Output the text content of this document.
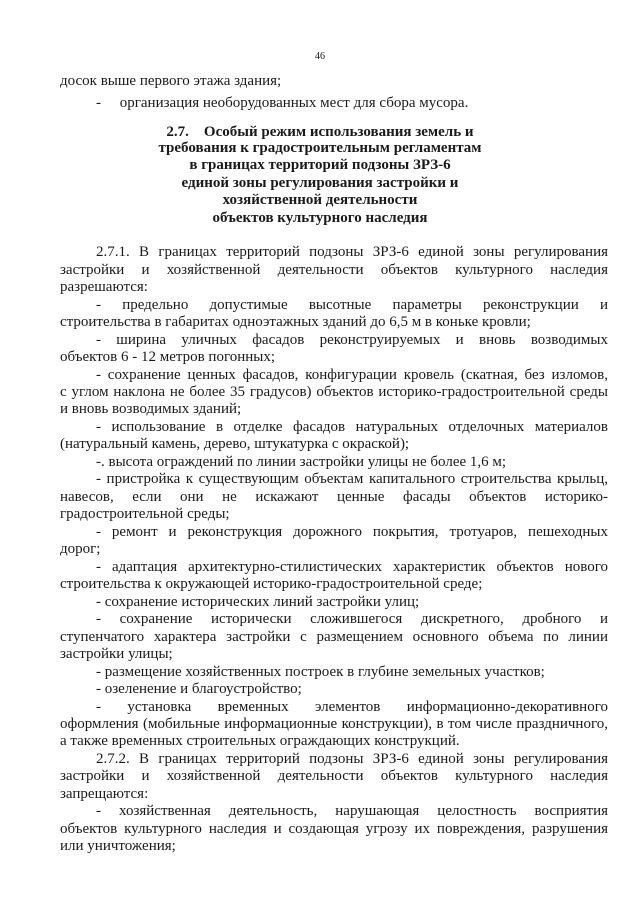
46
досок выше первого этажа здания;
-     организация необорудованных мест для сбора мусора.
2.7.    Особый режим использования земель и
требования к градостроительным регламентам
в границах территорий подзоны ЗРЗ-6
единой зоны регулирования застройки и
хозяйственной деятельности
объектов культурного наследия
2.7.1. В границах территорий подзоны ЗРЗ-6 единой зоны регулирования
застройки и хозяйственной деятельности объектов культурного наследия
разрешаются:
- предельно допустимые высотные параметры реконструкции и
строительства в габаритах одноэтажных зданий до 6,5 м в коньке кровли;
- ширина уличных фасадов реконструируемых и вновь возводимых
объектов 6 - 12 метров погонных;
- сохранение ценных фасадов, конфигурации кровель (скатная, без изломов,
с углом наклона не более 35 градусов) объектов историко-градостроительной среды
и вновь возводимых зданий;
- использование в отделке фасадов натуральных отделочных материалов
(натуральный камень, дерево, штукатурка с окраской);
-. высота ограждений по линии застройки улицы не более 1,6 м;
- пристройка к существующим объектам капитального строительства крыльц,
навесов, если они не искажают ценные фасады объектов историко-
градостроительной среды;
- ремонт и реконструкция дорожного покрытия, тротуаров, пешеходных
дорог;
- адаптация архитектурно-стилистических характеристик объектов нового
строительства к окружающей историко-градостроительной среде;
- сохранение исторических линий застройки улиц;
- сохранение исторически сложившегося дискретного, дробного и
ступенчатого характера застройки с размещением основного объема по линии
застройки улицы;
- размещение хозяйственных построек в глубине земельных участков;
- озеленение и благоустройство;
- установка временных элементов информационно-декоративного
оформления (мобильные информационные конструкции), в том числе праздничного,
а также временных строительных ограждающих конструкций.
2.7.2. В границах территорий подзоны ЗРЗ-6 единой зоны регулирования
застройки и хозяйственной деятельности объектов культурного наследия
запрещаются:
- хозяйственная деятельность, нарушающая целостность восприятия
объектов культурного наследия и создающая угрозу их повреждения, разрушения
или уничтожения;
